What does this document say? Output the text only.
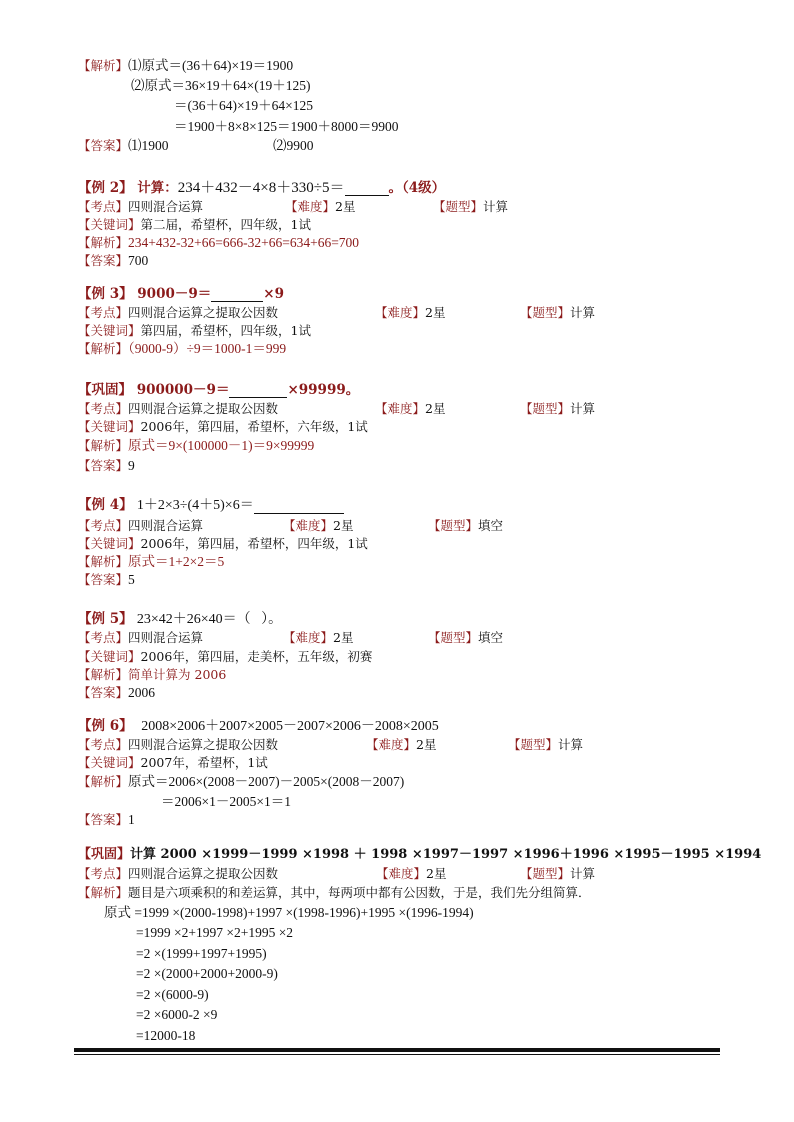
【解析】⑴原式＝(36＋64)×19＝1900
⑵原式＝36×19＋64×(19＋125)
＝(36＋64)×19＋64×125
＝1900＋8×8×125＝1900＋8000＝9900
【答案】⑴1900	⑵9900
【例 2】 计算：234＋432－4×8＋330÷5＝	。（4级）
【考点】四则混合运算	【难度】2星	【题型】计算
【关键词】第二届，希望杯，四年级，1试
【解析】234+432-32+66=666-32+66=634+66=700
【答案】700
【例 3】 9000－9＝	×9
【考点】四则混合运算之提取公因数	【难度】2星	【题型】计算
【关键词】第四届，希望杯，四年级，1试
【解析】（9000-9）÷9＝1000-1＝999
【巩固】 900000－9＝	×99999。
【考点】四则混合运算之提取公因数	【难度】2星	【题型】计算
【关键词】2006年，第四届，希望杯，六年级，1试
【解析】原式＝9×(100000－1)＝9×99999
【答案】9
【例 4】 1＋2×3÷(4＋5)×6＝
【考点】四则混合运算	【难度】2星	【题型】填空
【关键词】2006年，第四届，希望杯，四年级，1试
【解析】原式＝1+2×2＝5
【答案】5
【例 5】 23×42＋26×40＝（   ）。
【考点】四则混合运算	【难度】2星	【题型】填空
【关键词】2006年，第四届，走美杯，五年级，初赛
【解析】简单计算为 2006
【答案】2006
【例 6】 2008×2006＋2007×2005－2007×2006－2008×2005
【考点】四则混合运算之提取公因数	【难度】2星	【题型】计算
【关键词】2007年，希望杯，1试
【解析】原式＝2006×(2008－2007)－2005×(2008－2007)
＝2006×1－2005×1＝1
【答案】1
【巩固】计算 2000 ×1999－1999 ×1998 ＋ 1998 ×1997－1997 ×1996＋1996 ×1995－1995 ×1994
【考点】四则混合运算之提取公因数	【难度】2星	【题型】计算
【解析】题目是六项乘积的和差运算，其中，每两项中都有公因数，于是，我们先分组简算．
原式 =1999 ×(2000-1998)+1997 ×(1998-1996)+1995 ×(1996-1994)
=1999 ×2+1997 ×2+1995 ×2
=2 ×(1999+1997+1995)
=2 ×(2000+2000+2000-9)
=2 ×(6000-9)
=2 ×6000-2 ×9
=12000-18
